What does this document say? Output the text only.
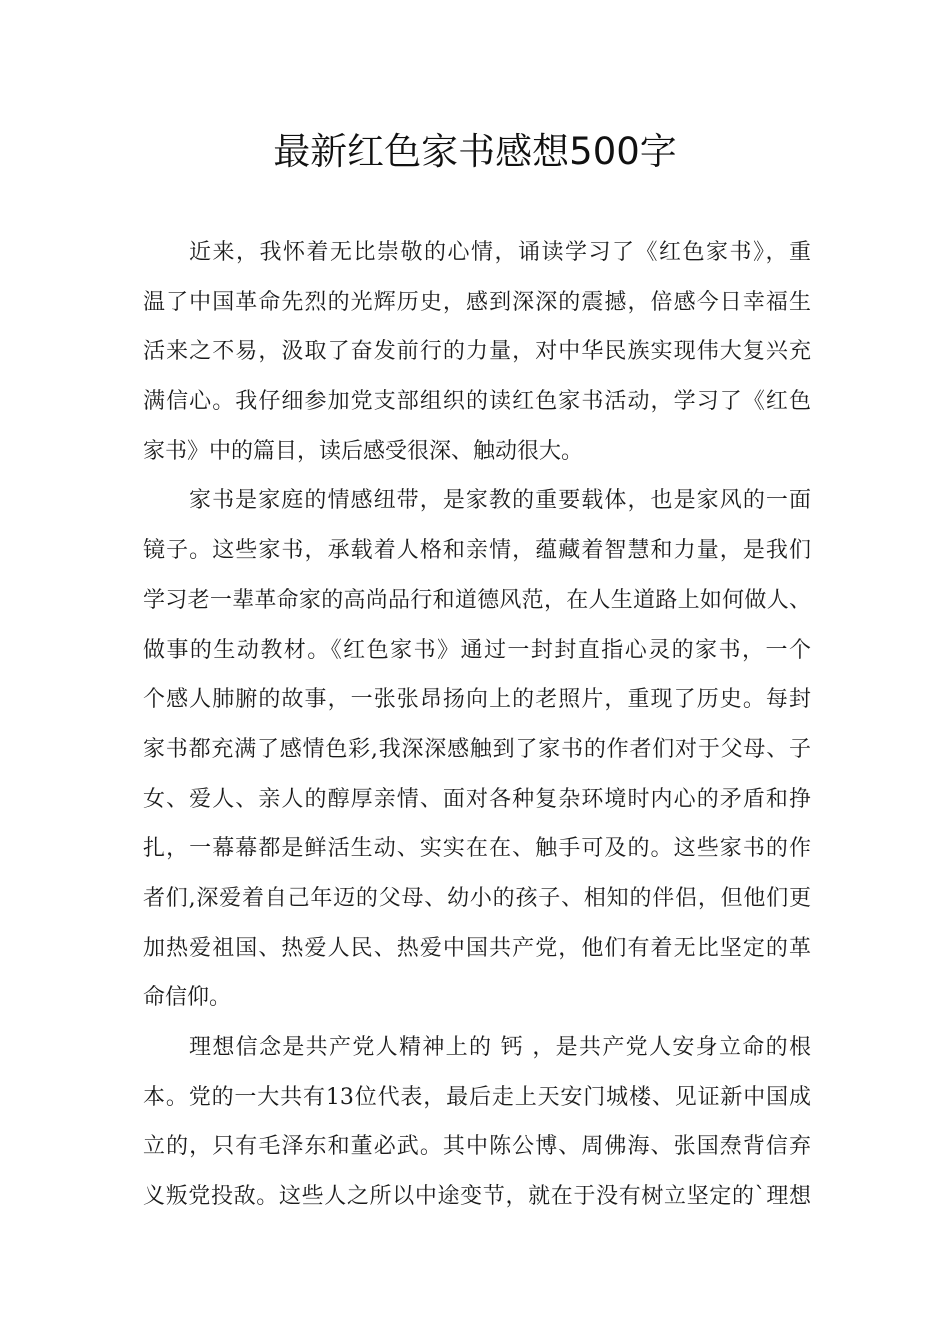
最新红色家书感想500字
近来，我怀着无比崇敬的心情，诵读学习了《红色家书》，重
温了中国革命先烈的光辉历史，感到深深的震撼，倍感今日幸福生
活来之不易，汲取了奋发前行的力量，对中华民族实现伟大复兴充
满信心。我仔细参加党支部组织的读红色家书活动，学习了《红色
家书》中的篇目，读后感受很深、触动很大。
家书是家庭的情感纽带，是家教的重要载体，也是家风的一面
镜子。这些家书，承载着人格和亲情，蕴藏着智慧和力量，是我们
学习老一辈革命家的高尚品行和道德风范，在人生道路上如何做人、
做事的生动教材。《红色家书》通过一封封直指心灵的家书，一个
个感人肺腑的故事，一张张昂扬向上的老照片，重现了历史。每封
家书都充满了感情色彩,我深深感触到了家书的作者们对于父母、子
女、爱人、亲人的醇厚亲情、面对各种复杂环境时内心的矛盾和挣
扎，一幕幕都是鲜活生动、实实在在、触手可及的。这些家书的作
者们,深爱着自己年迈的父母、幼小的孩子、相知的伴侣，但他们更
加热爱祖国、热爱人民、热爱中国共产党，他们有着无比坚定的革
命信仰。
理想信念是共产党人精神上的 钙 ，是共产党人安身立命的根
本。党的一大共有13位代表，最后走上天安门城楼、见证新中国成
立的，只有毛泽东和董必武。其中陈公博、周佛海、张国焘背信弃
义叛党投敌。这些人之所以中途变节，就在于没有树立坚定的`理想
